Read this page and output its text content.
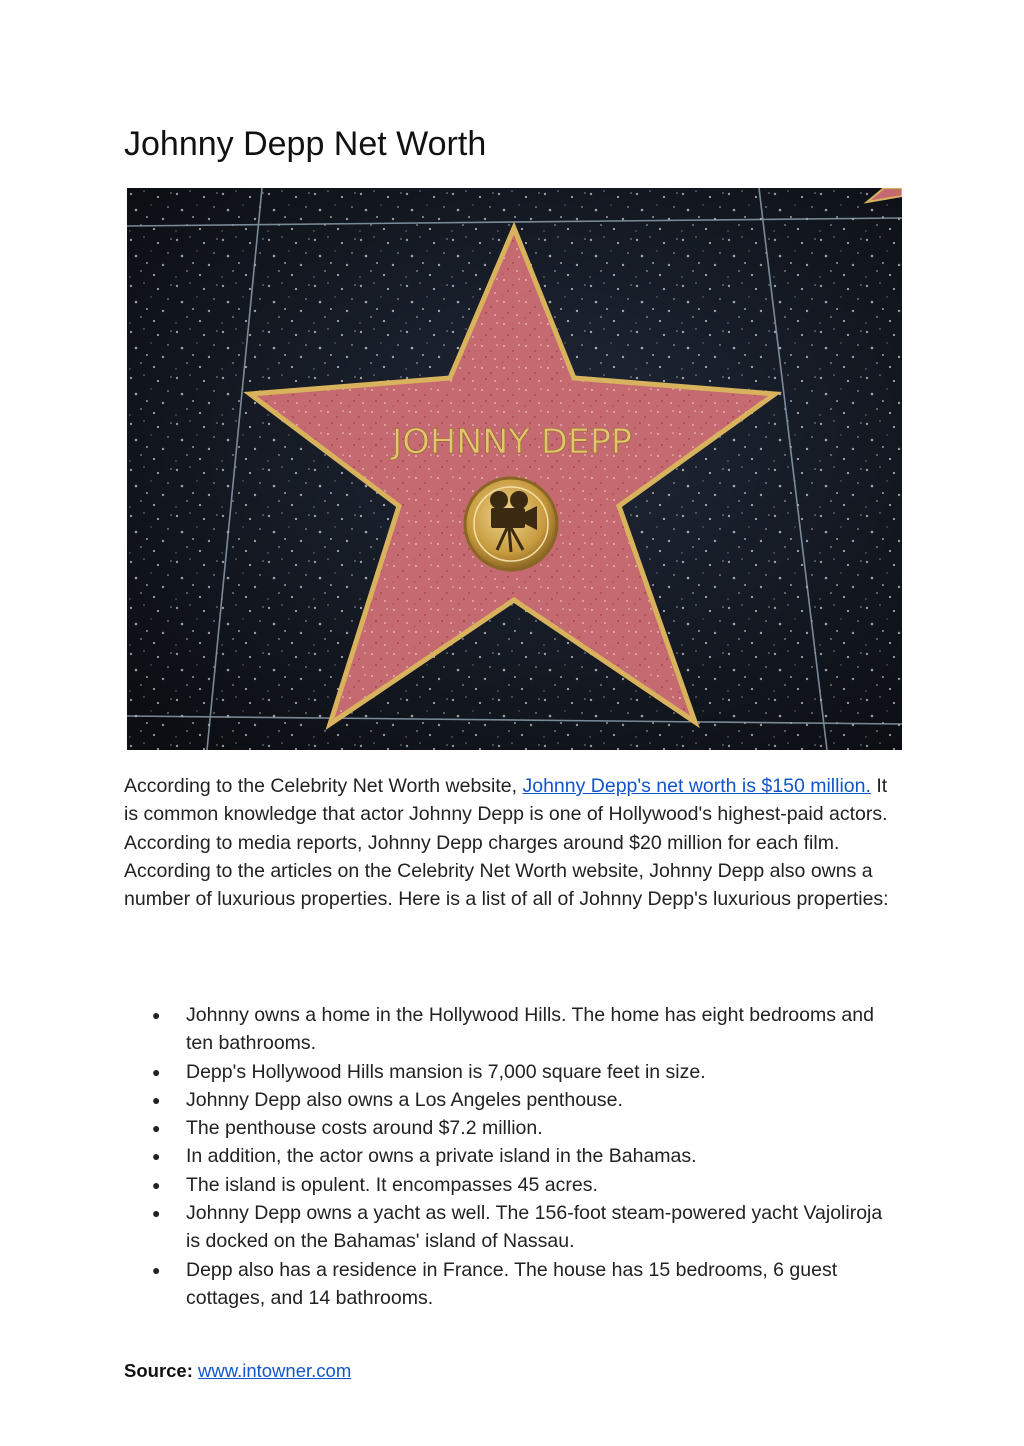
Johnny Depp Net Worth
JOHNNY DEPP

According to the Celebrity Net Worth website, Johnny Depp's net worth is $150 million. It is common knowledge that actor Johnny Depp is one of Hollywood's highest-paid actors. According to media reports, Johnny Depp charges around $20 million for each film. According to the articles on the Celebrity Net Worth website, Johnny Depp also owns a number of luxurious properties. Here is a list of all of Johnny Depp's luxurious properties:

● Johnny owns a home in the Hollywood Hills. The home has eight bedrooms and ten bathrooms.
● Depp's Hollywood Hills mansion is 7,000 square feet in size.
● Johnny Depp also owns a Los Angeles penthouse.
● The penthouse costs around $7.2 million.
● In addition, the actor owns a private island in the Bahamas.
● The island is opulent. It encompasses 45 acres.
● Johnny Depp owns a yacht as well. The 156-foot steam-powered yacht Vajoliroja is docked on the Bahamas' island of Nassau.
● Depp also has a residence in France. The house has 15 bedrooms, 6 guest cottages, and 14 bathrooms.

Source: www.intowner.com
